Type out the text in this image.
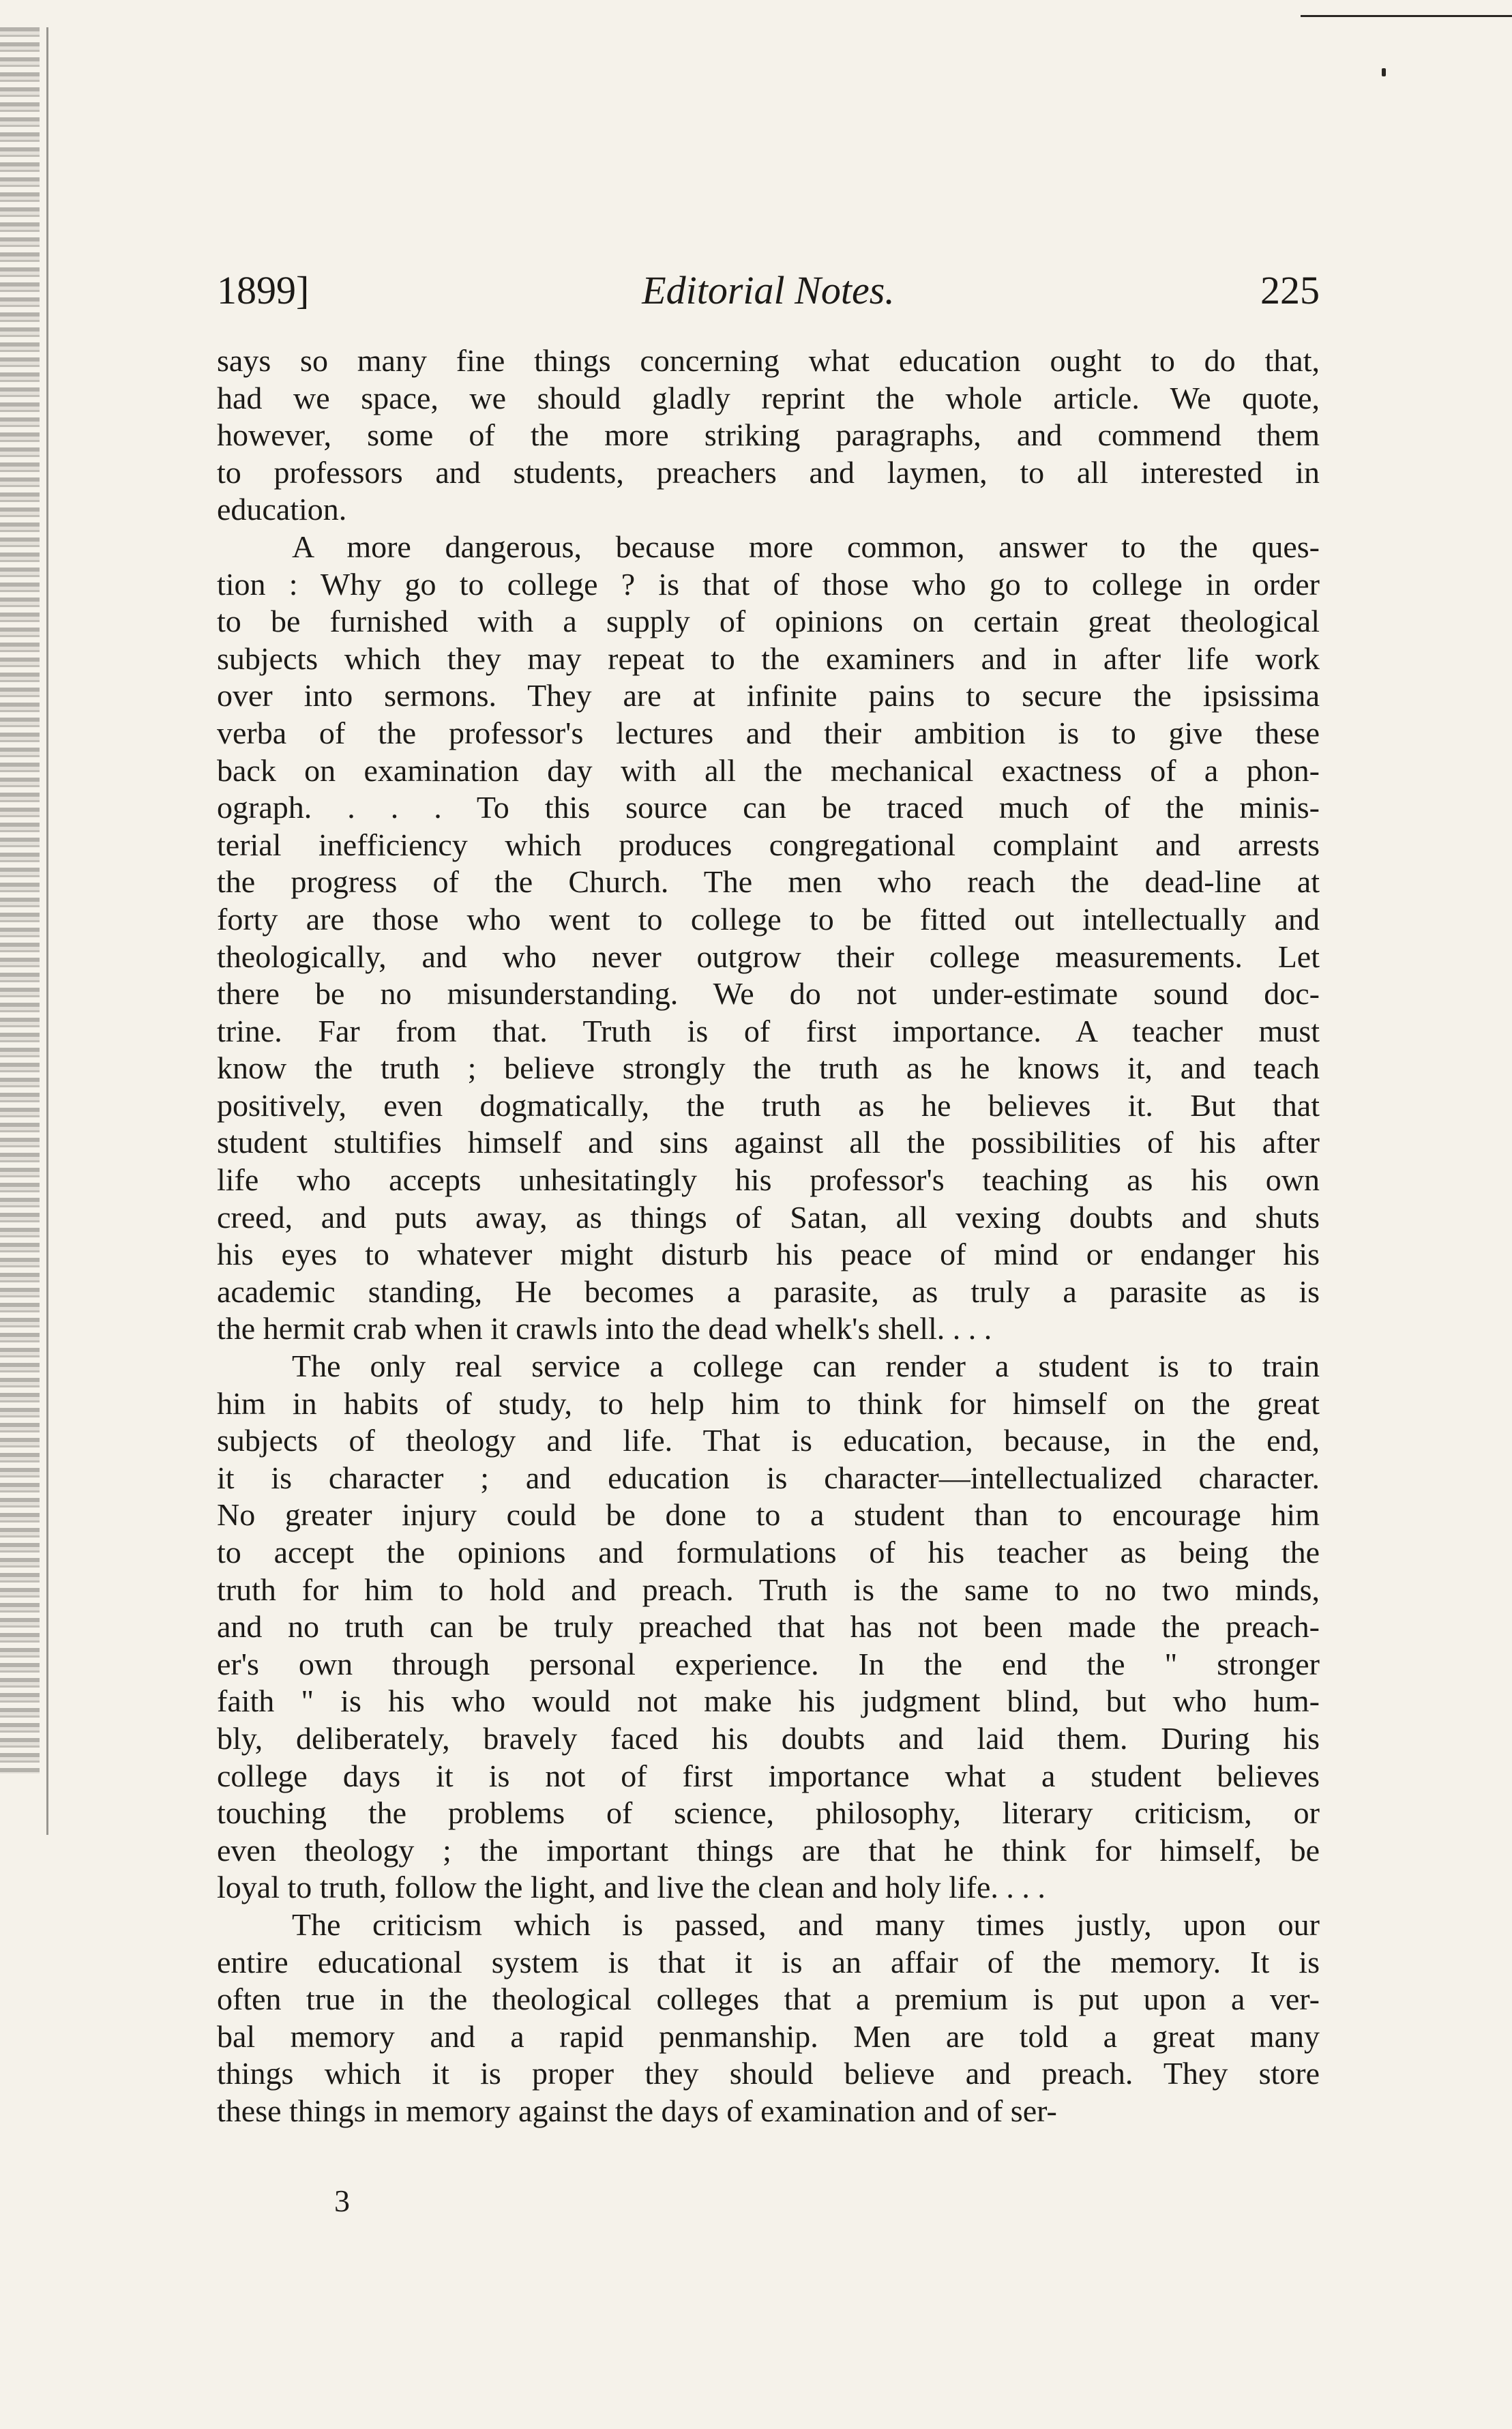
1899]	Editorial Notes.	225
says so many fine things concerning what education ought to do that,
had we space, we should gladly reprint the whole article. We quote,
however, some of the more striking paragraphs, and commend them
to professors and students, preachers and laymen, to all interested in
education.
A more dangerous, because more common, answer to the ques-
tion : Why go to college ? is that of those who go to college in order
to be furnished with a supply of opinions on certain great theological
subjects which they may repeat to the examiners and in after life work
over into sermons. They are at infinite pains to secure the ipsissima
verba of the professor's lectures and their ambition is to give these
back on examination day with all the mechanical exactness of a phon-
ograph. . . . To this source can be traced much of the minis-
terial inefficiency which produces congregational complaint and arrests
the progress of the Church. The men who reach the dead-line at
forty are those who went to college to be fitted out intellectually and
theologically, and who never outgrow their college measurements. Let
there be no misunderstanding. We do not under-estimate sound doc-
trine. Far from that. Truth is of first importance. A teacher must
know the truth ; believe strongly the truth as he knows it, and teach
positively, even dogmatically, the truth as he believes it. But that
student stultifies himself and sins against all the possibilities of his after
life who accepts unhesitatingly his professor's teaching as his own
creed, and puts away, as things of Satan, all vexing doubts and shuts
his eyes to whatever might disturb his peace of mind or endanger his
academic standing, He becomes a parasite, as truly a parasite as is
the hermit crab when it crawls into the dead whelk's shell. . . .
The only real service a college can render a student is to train
him in habits of study, to help him to think for himself on the great
subjects of theology and life. That is education, because, in the end,
it is character ; and education is character—intellectualized character.
No greater injury could be done to a student than to encourage him
to accept the opinions and formulations of his teacher as being the
truth for him to hold and preach. Truth is the same to no two minds,
and no truth can be truly preached that has not been made the preach-
er's own through personal experience. In the end the " stronger
faith " is his who would not make his judgment blind, but who hum-
bly, deliberately, bravely faced his doubts and laid them. During his
college days it is not of first importance what a student believes
touching the problems of science, philosophy, literary criticism, or
even theology ; the important things are that he think for himself, be
loyal to truth, follow the light, and live the clean and holy life. . . .
The criticism which is passed, and many times justly, upon our
entire educational system is that it is an affair of the memory. It is
often true in the theological colleges that a premium is put upon a ver-
bal memory and a rapid penmanship. Men are told a great many
things which it is proper they should believe and preach. They store
these things in memory against the days of examination and of ser-
3
